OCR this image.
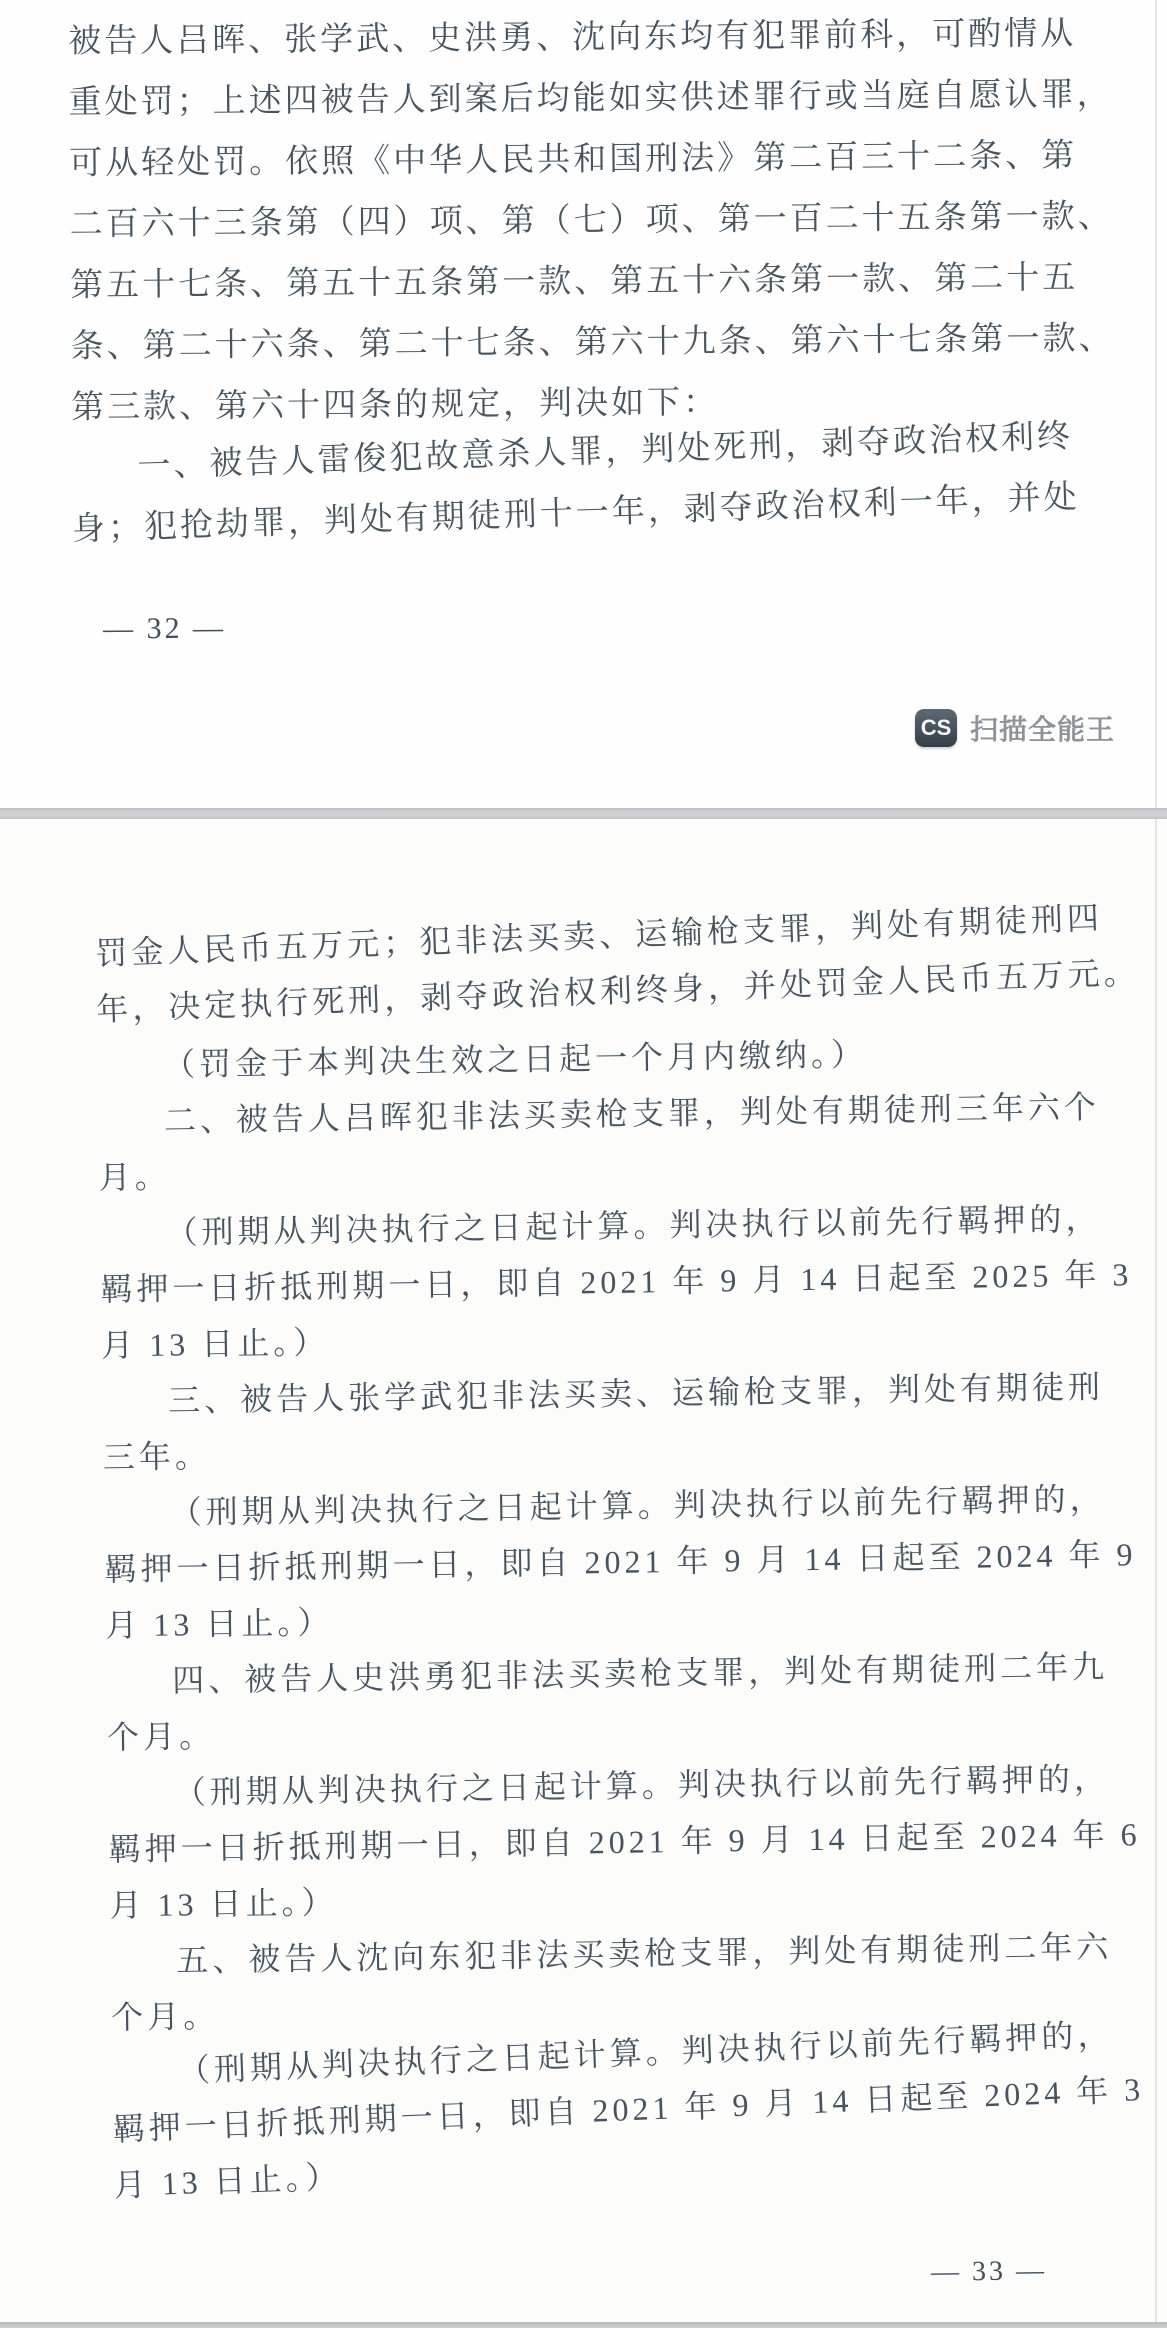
被告人吕晖、张学武、史洪勇、沈向东均有犯罪前科，可酌情从

重处罚；上述四被告人到案后均能如实供述罪行或当庭自愿认罪，

可从轻处罚。依照《中华人民共和国刑法》第二百三十二条、第

二百六十三条第（四）项、第（七）项、第一百二十五条第一款、

第五十七条、第五十五条第一款、第五十六条第一款、第二十五

条、第二十六条、第二十七条、第六十九条、第六十七条第一款、

第三款、第六十四条的规定，判决如下：

一、被告人雷俊犯故意杀人罪，判处死刑，剥夺政治权利终

身；犯抢劫罪，判处有期徒刑十一年，剥夺政治权利一年，并处

— 32 —
CS 扫描全能王

罚金人民币五万元；犯非法买卖、运输枪支罪，判处有期徒刑四

年，决定执行死刑，剥夺政治权利终身，并处罚金人民币五万元。

（罚金于本判决生效之日起一个月内缴纳。）

二、被告人吕晖犯非法买卖枪支罪，判处有期徒刑三年六个

月。

（刑期从判决执行之日起计算。判决执行以前先行羁押的，

羁押一日折抵刑期一日，即自 2021 年 9 月 14 日起至 2025 年 3

月 13 日止。）

三、被告人张学武犯非法买卖、运输枪支罪，判处有期徒刑

三年。

（刑期从判决执行之日起计算。判决执行以前先行羁押的，

羁押一日折抵刑期一日，即自 2021 年 9 月 14 日起至 2024 年 9

月 13 日止。）

四、被告人史洪勇犯非法买卖枪支罪，判处有期徒刑二年九

个月。

（刑期从判决执行之日起计算。判决执行以前先行羁押的，

羁押一日折抵刑期一日，即自 2021 年 9 月 14 日起至 2024 年 6

月 13 日止。）

五、被告人沈向东犯非法买卖枪支罪，判处有期徒刑二年六

个月。

（刑期从判决执行之日起计算。判决执行以前先行羁押的，

羁押一日折抵刑期一日，即自 2021 年 9 月 14 日起至 2024 年 3

月 13 日止。）

— 33 —
